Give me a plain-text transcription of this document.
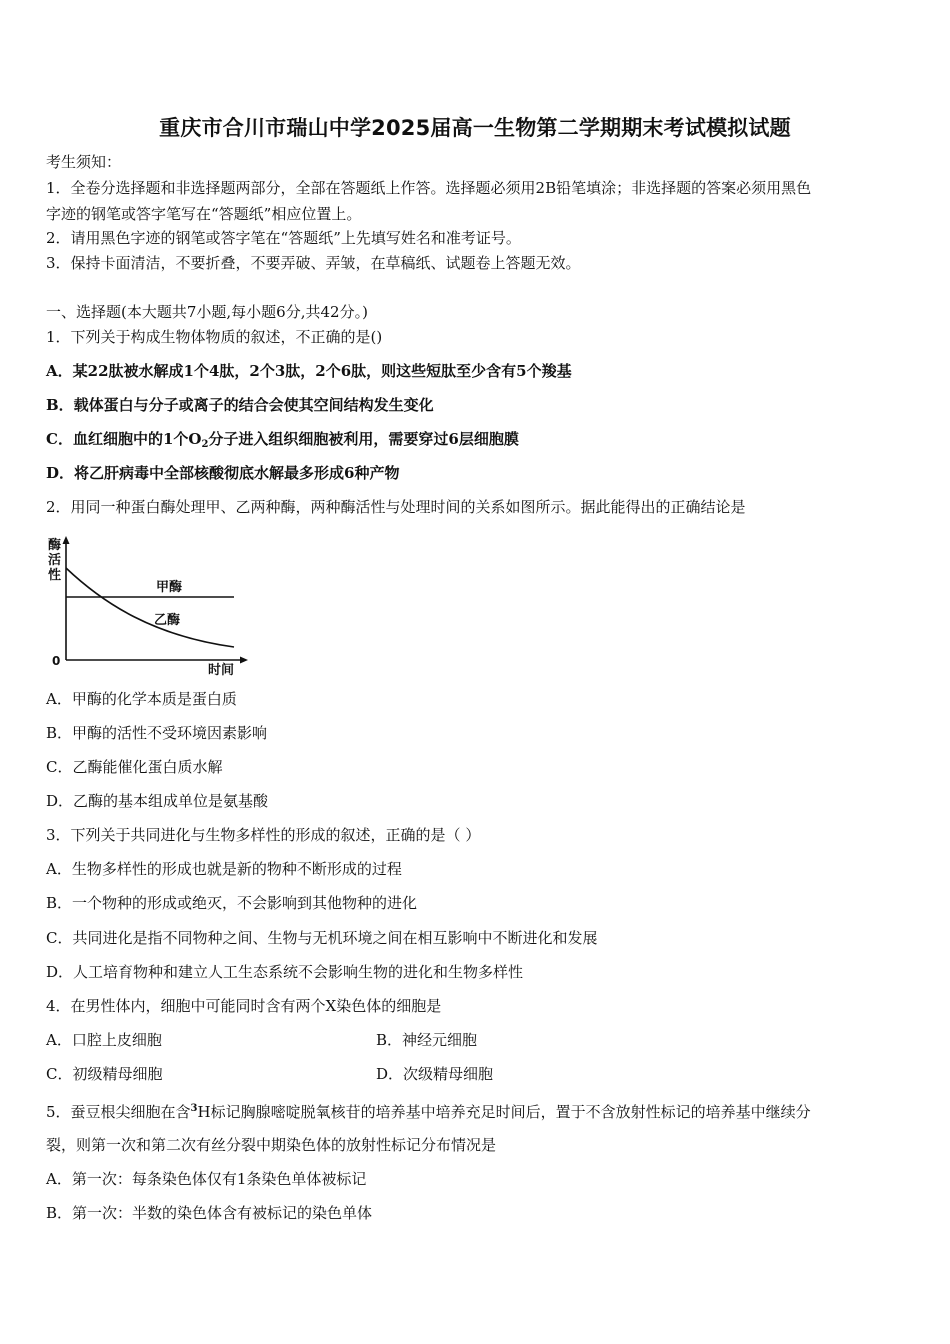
重庆市合川市瑞山中学2025届高一生物第二学期期末考试模拟试题
考生须知：
1．全卷分选择题和非选择题两部分，全部在答题纸上作答。选择题必须用2B铅笔填涂；非选择题的答案必须用黑色
字迹的钢笔或答字笔写在“答题纸”相应位置上。
2．请用黑色字迹的钢笔或答字笔在“答题纸”上先填写姓名和准考证号。
3．保持卡面清洁，不要折叠，不要弄破、弄皱，在草稿纸、试题卷上答题无效。
一、选择题(本大题共7小题,每小题6分,共42分。)
1．下列关于构成生物体物质的叙述，不正确的是()
A．某22肽被水解成1个4肽，2个3肽，2个6肽，则这些短肽至少含有5个羧基
B．载体蛋白与分子或离子的结合会使其空间结构发生变化
C．血红细胞中的1个$O_2$分子进入组织细胞被利用，需要穿过6层细胞膜
D．将乙肝病毒中全部核酸彻底水解最多形成6种产物
2．用同一种蛋白酶处理甲、乙两种酶，两种酶活性与处理时间的关系如图所示。据此能得出的正确结论是
酶
活
性
甲酶
乙酶
0
时间
A．甲酶的化学本质是蛋白质
B．甲酶的活性不受环境因素影响
C．乙酶能催化蛋白质水解
D．乙酶的基本组成单位是氨基酸
3．下列关于共同进化与生物多样性的形成的叙述，正确的是（ ）
A．生物多样性的形成也就是新的物种不断形成的过程
B．一个物种的形成或绝灭，不会影响到其他物种的进化
C．共同进化是指不同物种之间、生物与无机环境之间在相互影响中不断进化和发展
D．人工培育物种和建立人工生态系统不会影响生物的进化和生物多样性
4．在男性体内，细胞中可能同时含有两个X染色体的细胞是
A．口腔上皮细胞	B．神经元细胞
C．初级精母细胞	D．次级精母细胞
5．蚕豆根尖细胞在含$^3$H标记胸腺嘧啶脱氧核苷的培养基中培养充足时间后，置于不含放射性标记的培养基中继续分
裂，则第一次和第二次有丝分裂中期染色体的放射性标记分布情况是
A．第一次：每条染色体仅有1条染色单体被标记
B．第一次：半数的染色体含有被标记的染色单体
